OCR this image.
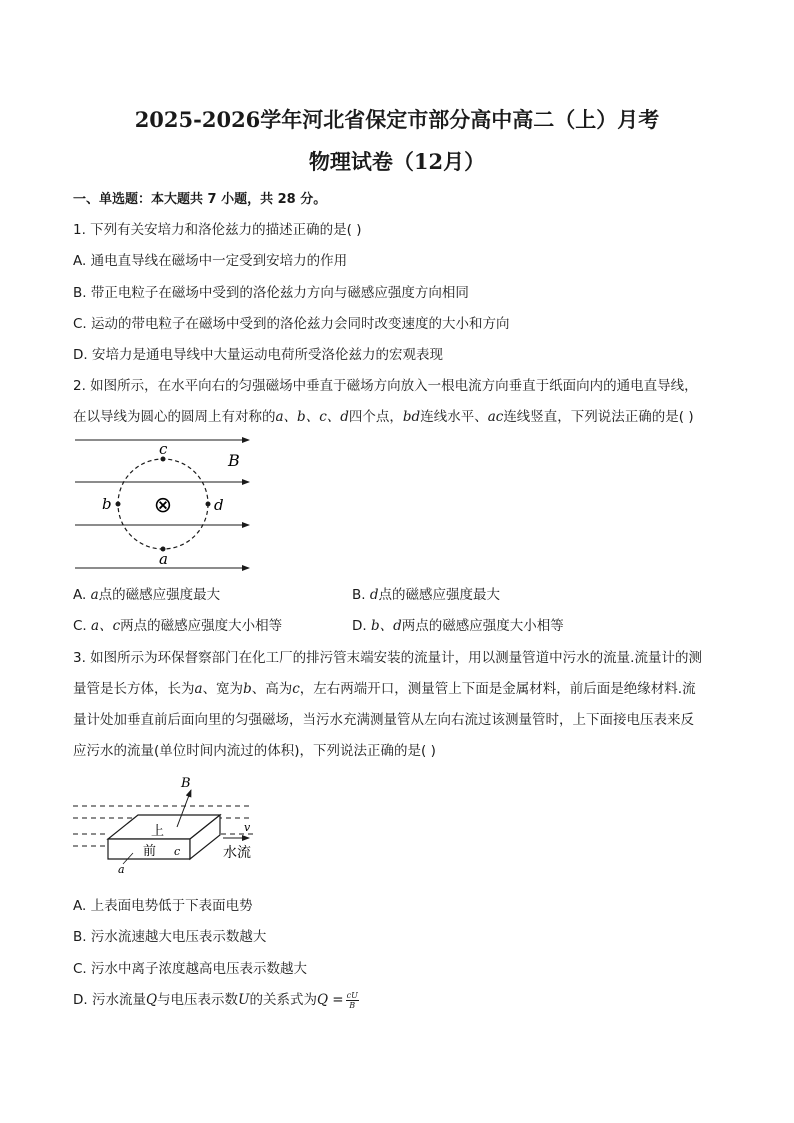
2025-2026学年河北省保定市部分高中高二（上）月考
物理试卷（12月）
一、单选题：本大题共 7 小题，共 28 分。
1. 下列有关安培力和洛伦兹力的描述正确的是( )
A. 通电直导线在磁场中一定受到安培力的作用
B. 带正电粒子在磁场中受到的洛伦兹力方向与磁感应强度方向相同
C. 运动的带电粒子在磁场中受到的洛伦兹力会同时改变速度的大小和方向
D. 安培力是通电导线中大量运动电荷所受洛伦兹力的宏观表现
2. 如图所示，在水平向右的匀强磁场中垂直于磁场方向放入一根电流方向垂直于纸面向内的通电直导线，
在以导线为圆心的圆周上有对称的a、b、c、d四个点，bd连线水平、ac连线竖直，下列说法正确的是( )
⊗
c
b	d
a
B
A. a点的磁感应强度最大	B. d点的磁感应强度最大
C. a、c两点的磁感应强度大小相等	D. b、d两点的磁感应强度大小相等
3. 如图所示为环保督察部门在化工厂的排污管末端安装的流量计，用以测量管道中污水的流量.流量计的测
量管是长方体，长为a、宽为b、高为c，左右两端开口，测量管上下面是金属材料，前后面是绝缘材料.流
量计处加垂直前后面向里的匀强磁场，当污水充满测量管从左向右流过该测量管时，上下面接电压表来反
应污水的流量(单位时间内流过的体积)，下列说法正确的是( )
B
v
水流
上
前 c
a
A. 上表面电势低于下表面电势
B. 污水流速越大电压表示数越大
C. 污水中离子浓度越高电压表示数越大
D. 污水流量Q与电压表示数U的关系式为$Q = \frac{cU}{B}$
